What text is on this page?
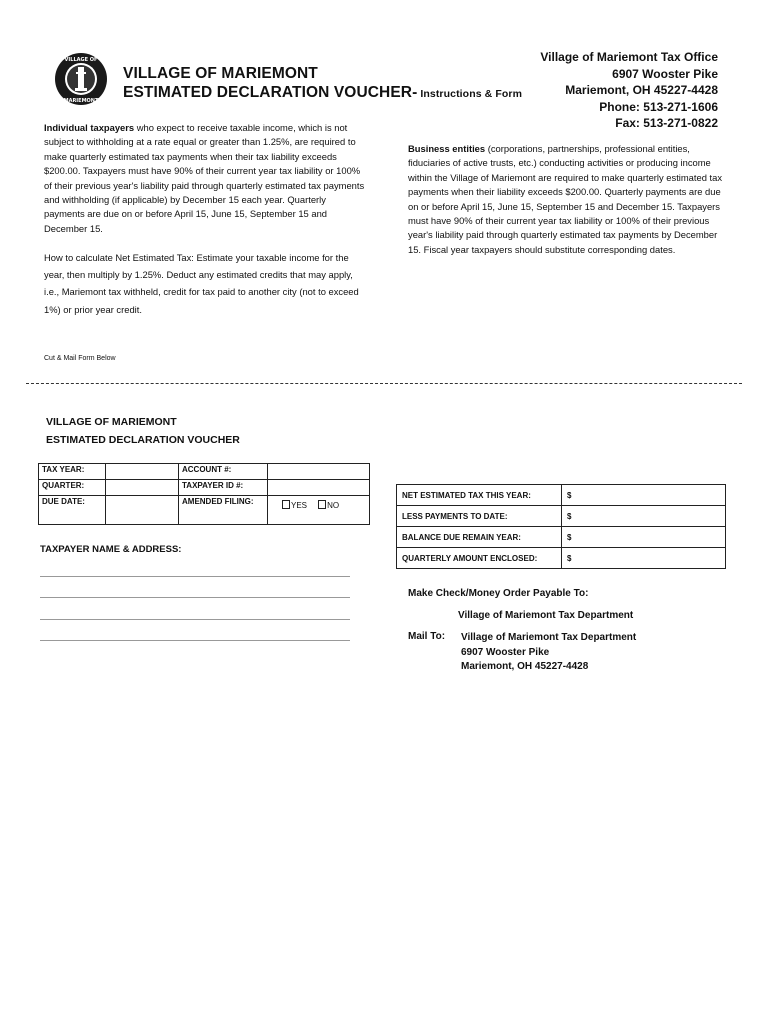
VILLAGE OF
MARIEMONT
VILLAGE OF MARIEMONT
ESTIMATED DECLARATION VOUCHER- Instructions & Form
Village of Mariemont Tax Office
6907 Wooster Pike
Mariemont, OH 45227-4428
Phone: 513-271-1606
Fax: 513-271-0822
Individual taxpayers who expect to receive taxable income, which is not subject to withholding at a rate equal or greater than 1.25%, are required to make quarterly estimated tax payments when their tax liability exceeds $200.00. Taxpayers must have 90% of their current year tax liability or 100% of their previous year's liability paid through quarterly estimated tax payments and withholding (if applicable) by December 15 each year. Quarterly payments are due on or before April 15, June 15, September 15 and December 15.
How to calculate Net Estimated Tax: Estimate your taxable income for the year, then multiply by 1.25%. Deduct any estimated credits that may apply, i.e., Mariemont tax withheld, credit for tax paid to another city (not to exceed 1%) or prior year credit.
Business entities (corporations, partnerships, professional entities, fiduciaries of active trusts, etc.) conducting activities or producing income within the Village of Mariemont are required to make quarterly estimated tax payments when their liability exceeds $200.00. Quarterly payments are due on or before April 15, June 15, September 15 and December 15. Taxpayers must have 90% of their current year tax liability or 100% of their previous year's liability paid through quarterly estimated tax payments by December 15. Fiscal year taxpayers should substitute corresponding dates.
Cut & Mail Form Below
VILLAGE OF MARIEMONT
ESTIMATED DECLARATION VOUCHER
TAX YEAR:		ACCOUNT #:	
QUARTER:		TAXPAYER ID #:	
DUE DATE:		AMENDED FILING:	YES NO
NET ESTIMATED TAX THIS YEAR:	$
LESS PAYMENTS TO DATE:	$
BALANCE DUE REMAIN YEAR:	$
QUARTERLY AMOUNT ENCLOSED:	$
TAXPAYER NAME & ADDRESS:
Make Check/Money Order Payable To:
Village of Mariemont Tax Department
Mail To: Village of Mariemont Tax Department
6907 Wooster Pike
Mariemont, OH 45227-4428
